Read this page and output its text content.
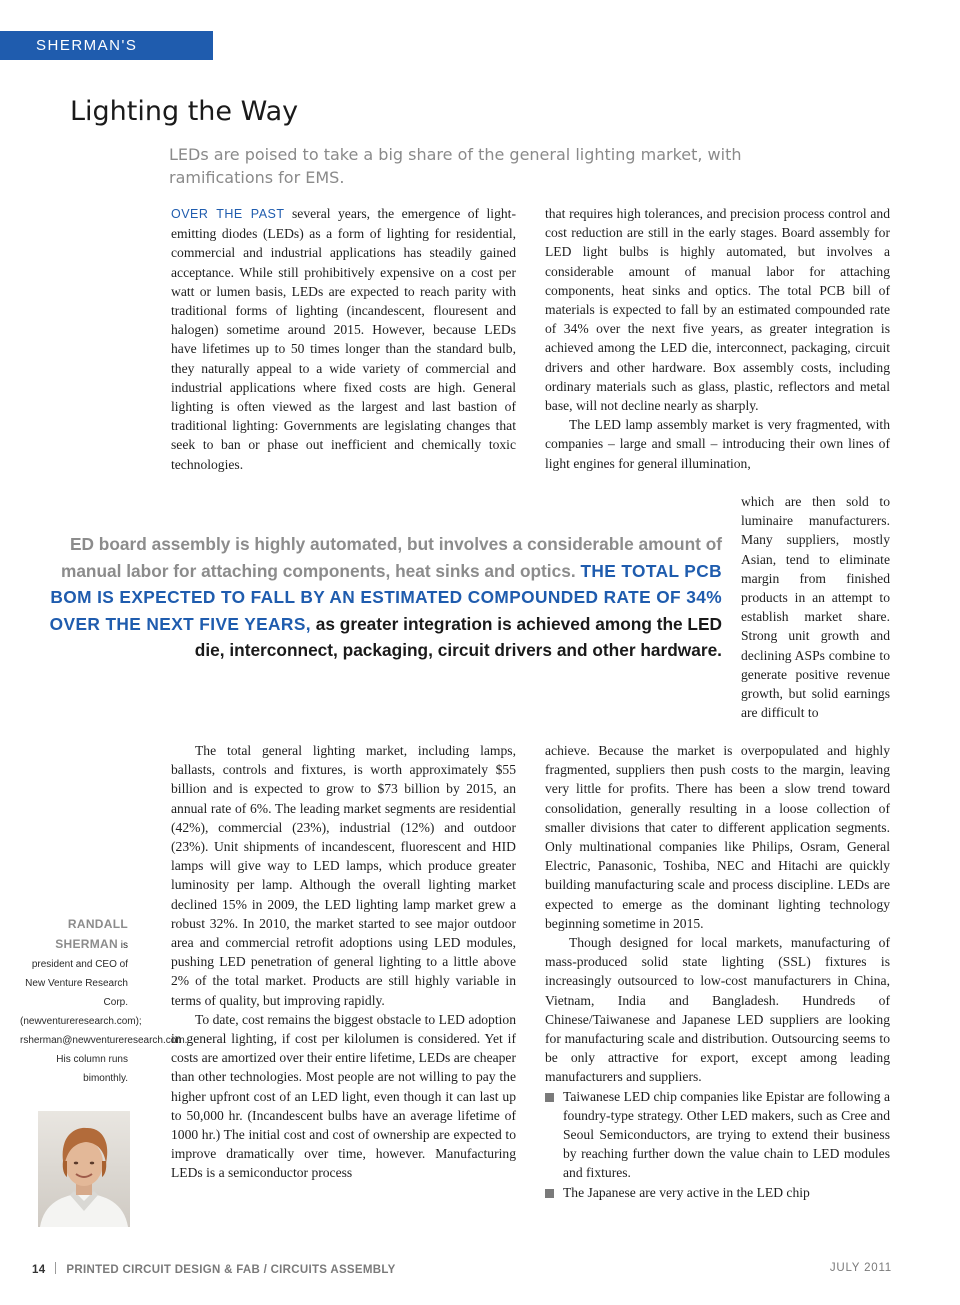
SHERMAN'S MARKET
Lighting the Way

LEDs are poised to take a big share of the general lighting market, with ramifications for EMS.

OVER THE PAST several years, the emergence of light-emitting diodes (LEDs) as a form of lighting for residential, commercial and industrial applications has steadily gained acceptance. While still prohibitively expensive on a cost per watt or lumen basis, LEDs are expected to reach parity with traditional forms of lighting (incandescent, flouresent and halogen) sometime around 2015. However, because LEDs have lifetimes up to 50 times longer than the standard bulb, they naturally appeal to a wide variety of commercial and industrial applications where fixed costs are high. General lighting is often viewed as the largest and last bastion of traditional lighting: Governments are legislating changes that seek to ban or phase out inefficient and chemically toxic technologies.

that requires high tolerances, and precision process control and cost reduction are still in the early stages. Board assembly for LED light bulbs is highly automated, but involves a considerable amount of manual labor for attaching components, heat sinks and optics. The total PCB bill of materials is expected to fall by an estimated compounded rate of 34% over the next five years, as greater integration is achieved among the LED die, interconnect, packaging, circuit drivers and other hardware. Box assembly costs, including ordinary materials such as glass, plastic, reflectors and metal base, will not decline nearly as sharply.

The LED lamp assembly market is very fragmented, with companies – large and small – introducing their own lines of light engines for general illumination,

which are then sold to luminaire manufacturers. Many suppliers, mostly Asian, tend to eliminate margin from finished products in an attempt to establish market share. Strong unit growth and declining ASPs combine to generate positive revenue growth, but solid earnings are difficult to

ED board assembly is highly automated, but involves a considerable amount of manual labor for attaching components, heat sinks and optics. THE TOTAL PCB BOM IS EXPECTED TO FALL BY AN ESTIMATED COMPOUNDED RATE OF 34% OVER THE NEXT FIVE YEARS, as greater integration is achieved among the LED die, interconnect, packaging, circuit drivers and other hardware.

The total general lighting market, including lamps, ballasts, controls and fixtures, is worth approximately $55 billion and is expected to grow to $73 billion by 2015, an annual rate of 6%. The leading market segments are residential (42%), commercial (23%), industrial (12%) and outdoor (23%). Unit shipments of incandescent, fluorescent and HID lamps will give way to LED lamps, which produce greater luminosity per lamp. Although the overall lighting market declined 15% in 2009, the LED lighting lamp market grew a robust 32%. In 2010, the market started to see major outdoor area and commercial retrofit adoptions using LED modules, pushing LED penetration of general lighting to a little above 2% of the total market. Products are still highly variable in terms of quality, but improving rapidly.

To date, cost remains the biggest obstacle to LED adoption in general lighting, if cost per kilolumen is considered. Yet if costs are amortized over their entire lifetime, LEDs are cheaper than other technologies. Most people are not willing to pay the higher upfront cost of an LED light, even though it can last up to 50,000 hr. (Incandescent bulbs have an average lifetime of 1000 hr.) The initial cost and cost of ownership are expected to improve dramatically over time, however. Manufacturing LEDs is a semiconductor process

achieve. Because the market is overpopulated and highly fragmented, suppliers then push costs to the margin, leaving very little for profits. There has been a slow trend toward consolidation, generally resulting in a loose collection of smaller divisions that cater to different application segments. Only multinational companies like Philips, Osram, General Electric, Panasonic, Toshiba, NEC and Hitachi are quickly building manufacturing scale and process discipline. LEDs are expected to emerge as the dominant lighting technology beginning sometime in 2015.

Though designed for local markets, manufacturing of mass-produced solid state lighting (SSL) fixtures is increasingly outsourced to low-cost manufacturers in China, Vietnam, India and Bangladesh. Hundreds of Chinese/Taiwanese and Japanese LED suppliers are looking for manufacturing scale and distribution. Outsourcing seems to be only attractive for export, except among leading manufacturers and suppliers.

Taiwanese LED chip companies like Epistar are following a foundry-type strategy. Other LED makers, such as Cree and Seoul Semiconductors, are trying to extend their business by reaching further down the value chain to LED modules and fixtures.
The Japanese are very active in the LED chip
RANDALL SHERMAN is president and CEO of New Venture Research Corp. (newventureresearch.com); rsherman@newventureresearch.com. His column runs bimonthly.
14 PRINTED CIRCUIT DESIGN & FAB / CIRCUITS ASSEMBLY	JULY 2011
